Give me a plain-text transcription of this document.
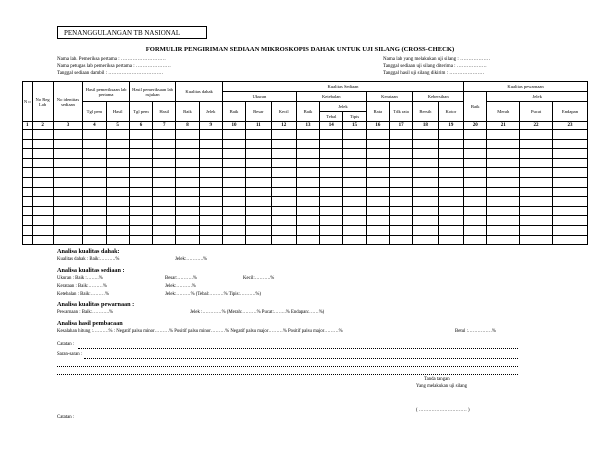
PENANGGULANGAN TB NASIONAL
FORMULIR PENGIRIMAN SEDIAAN MIKROSKOPIS DAHAK UNTUK UJI SILANG (CROSS-CHECK)
Nama lab. Pemeriksa pertama : ………………………
Nama petugas lab pemeriksa pertama : …………………
Tanggal sediaan dambil : ……………………………
Nama lab yang melakukan uji silang : ………………
Tanggal sediaan uji silang diterima : ………………
Tanggal hasil uji silang dikirim : …………………
N o	No Reg Lab	No identitas sediaan	Hasil pemeriksaan lab pertama		Hasil pemeriksaan lab rujukan		Kualitas dahak		Kualitas Sediaan										Kualitas pewarnaan			
									Ukuran			Ketebalan			Kerataan		Kebersihan		Baik	Jelek		
			Tgl pem	Hasil	Tgl pem	Hasil	Baik	Jelek	Baik	Besar	Kecil	Baik	Jelek		Rata	Tdk rata	Bersih	Kotor		Merah	Pucat	Endapan
													Tebal	Tipis								
1	2	3	4	5	6	7	8	9	10	11	12	13	14	15	16	17	18	19	20	21	22	23

Analisa kualitas dahak:
Kualitas dahak : Baik:……….%	Jelek:………..%
Analisa kualitas sediaan :
Ukuran : Baik :……..%	Besar:……….%	Kecil:……….%
Kerataan : Baik:………%	Jelek:……….%
Ketebalan : Baik:………%	Jelek:………% (Tebal:………% Tipis:……….%)
Analisa kualitas pewarnaan :
Pewarnaan : Baik:………..%	Jelek :…………% (Merah:………% Pucat:……..% Endapan:……%)
Analisa hasil pembacaan
Kesalahan hitung :……….% : Negatif palsu minor………% Positif palsu minor………% Negatif palsu major………% Positif palsu major………%	Betul :……………%
Catatan :
Saran-saran :
Tanda tangan
Yang melakukan uji silang
( ………………………… )
Catatan :
